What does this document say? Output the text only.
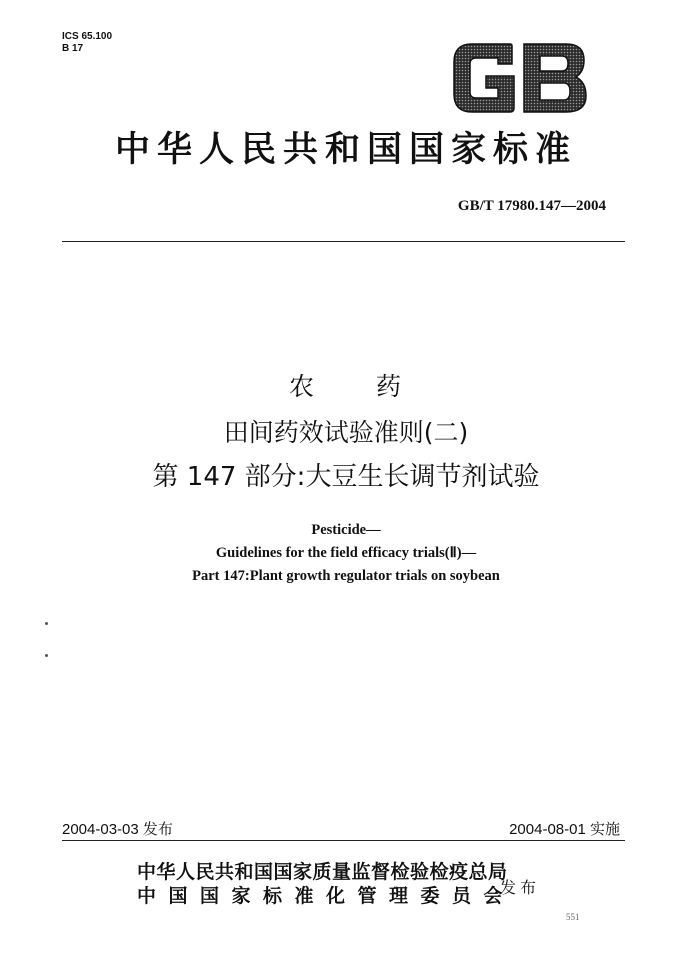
ICS 65.100
B 17
中华人民共和国国家标准
GB/T 17980.147—2004
农 药
田间药效试验准则(二)
第 147 部分:大豆生长调节剂试验
Pesticide—
Guidelines for the field efficacy trials(Ⅱ)—
Part 147:Plant growth regulator trials on soybean
2004-03-03 发布	2004-08-01 实施
中华人民共和国国家质量监督检验检疫总局
中国国家标准化管理委员会
发布
551
